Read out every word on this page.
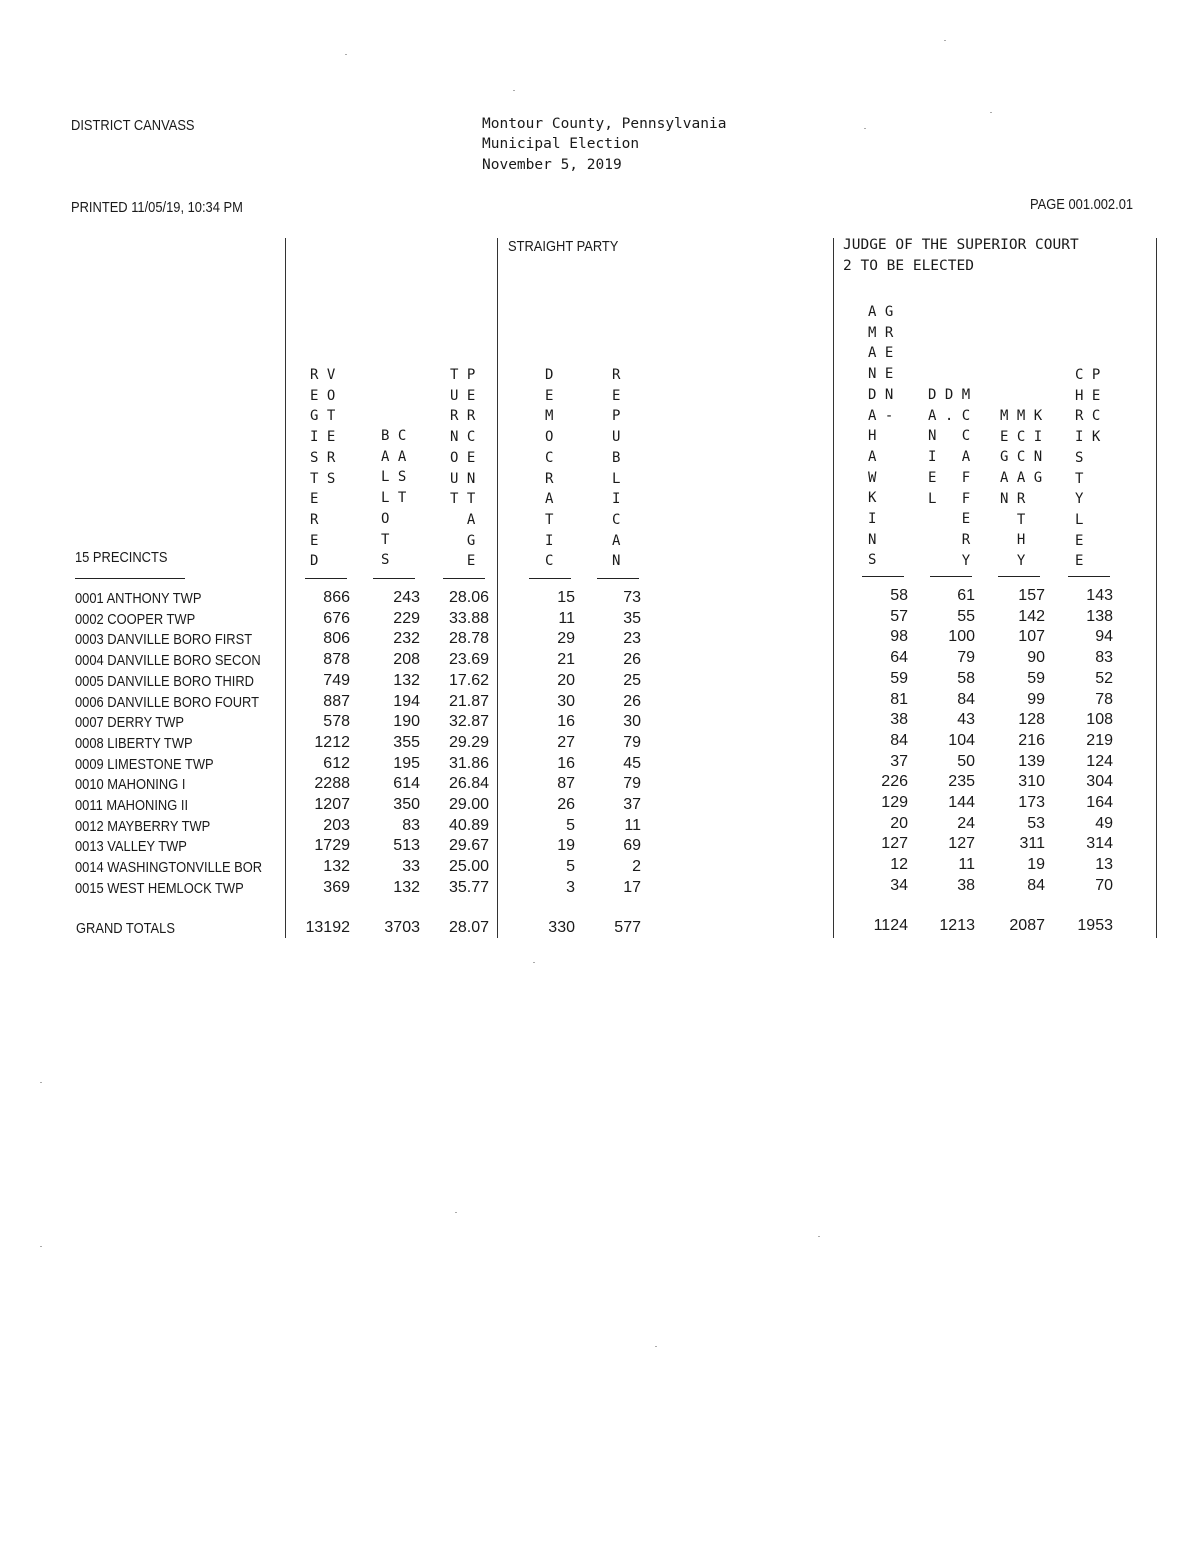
DISTRICT CANVASS	Montour County, Pennsylvania
Municipal Election
November 5, 2019
PRINTED 11/05/19, 10:34 PM	PAGE 001.002.01
STRAIGHT PARTY	JUDGE OF THE SUPERIOR COURT
2 TO BE ELECTED
R V
E O
G T
I E
S R
T S
E
R
E
D
B C
A A
L S
L T
O
T
S
T P
U E
R R
N C
O E
U N
T T
A
G
E
D
E
M
O
C
R
A
T
I
C
R
E
P
U
B
L
I
C
A
N
A G
M R
A E
N E
D N
A -
H
A
W
K
I
N
S
D D M
A . C
N   C
I   A
E   F
L   F
E
R
Y
M M K
E C I
G C N
A A G
N R
T
H
Y
C P
H E
R C
I K
S
T
Y
L
E
E
15 PRECINCTS
0001 ANTHONY TWP	866	243	28.06	15	73	58	61	157	143
0002 COOPER TWP	676	229	33.88	11	35	57	55	142	138
0003 DANVILLE BORO FIRST	806	232	28.78	29	23	98	100	107	94
0004 DANVILLE BORO SECON	878	208	23.69	21	26	64	79	90	83
0005 DANVILLE BORO THIRD	749	132	17.62	20	25	59	58	59	52
0006 DANVILLE BORO FOURT	887	194	21.87	30	26	81	84	99	78
0007 DERRY TWP	578	190	32.87	16	30	38	43	128	108
0008 LIBERTY TWP	1212	355	29.29	27	79	84	104	216	219
0009 LIMESTONE TWP	612	195	31.86	16	45	37	50	139	124
0010 MAHONING I	2288	614	26.84	87	79	226	235	310	304
0011 MAHONING II	1207	350	29.00	26	37	129	144	173	164
0012 MAYBERRY TWP	203	83	40.89	5	11	20	24	53	49
0013 VALLEY TWP	1729	513	29.67	19	69	127	127	311	314
0014 WASHINGTONVILLE BOR	132	33	25.00	5	2	12	11	19	13
0015 WEST HEMLOCK TWP	369	132	35.77	3	17	34	38	84	70
GRAND TOTALS	13192	3703	28.07	330	577	1124	1213	2087	1953
